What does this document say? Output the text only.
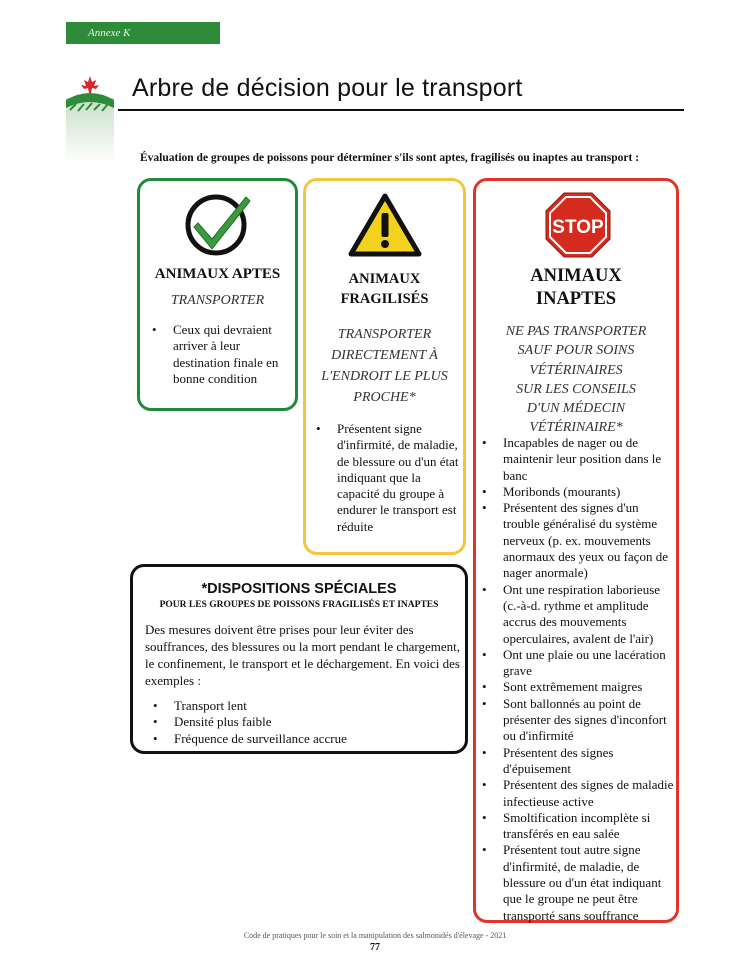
Annexe K
Arbre de décision pour le transport
Évaluation de groupes de poissons pour déterminer s'ils sont aptes, fragilisés ou inaptes au transport :
ANIMAUX APTES
TRANSPORTER
• Ceux qui devraient arriver à leur destination finale en bonne condition
ANIMAUX
FRAGILISÉS
TRANSPORTER
DIRECTEMENT À
L'ENDROIT LE PLUS
PROCHE*
• Présentent signe d'infirmité, de maladie, de blessure ou d'un état indiquant que la capacité du groupe à endurer le transport est réduite
STOP
ANIMAUX
INAPTES
NE PAS TRANSPORTER
SAUF POUR SOINS
VÉTÉRINAIRES
SUR LES CONSEILS
D'UN MÉDECIN
VÉTÉRINAIRE*
• Incapables de nager ou de maintenir leur position dans le banc
• Moribonds (mourants)
• Présentent des signes d'un trouble généralisé du système nerveux (p. ex. mouvements anormaux des yeux ou façon de nager anormale)
• Ont une respiration laborieuse (c.-à-d. rythme et amplitude accrus des mouvements operculaires, avalent de l'air)
• Ont une plaie ou une lacération grave
• Sont extrêmement maigres
• Sont ballonnés au point de présenter des signes d'inconfort ou d'infirmité
• Présentent des signes d'épuisement
• Présentent des signes de maladie infectieuse active
• Smoltification incomplète si transférés en eau salée
• Présentent tout autre signe d'infirmité, de maladie, de blessure ou d'un état indiquant que le groupe ne peut être transporté sans souffrance
*DISPOSITIONS SPÉCIALES
POUR LES GROUPES DE POISSONS FRAGILISÉS ET INAPTES
Des mesures doivent être prises pour leur éviter des souffrances, des blessures ou la mort pendant le chargement, le confinement, le transport et le déchargement. En voici des exemples :
• Transport lent
• Densité plus faible
• Fréquence de surveillance accrue
Code de pratiques pour le soin et la manipulation des salmonidés d'élevage - 2021
77
